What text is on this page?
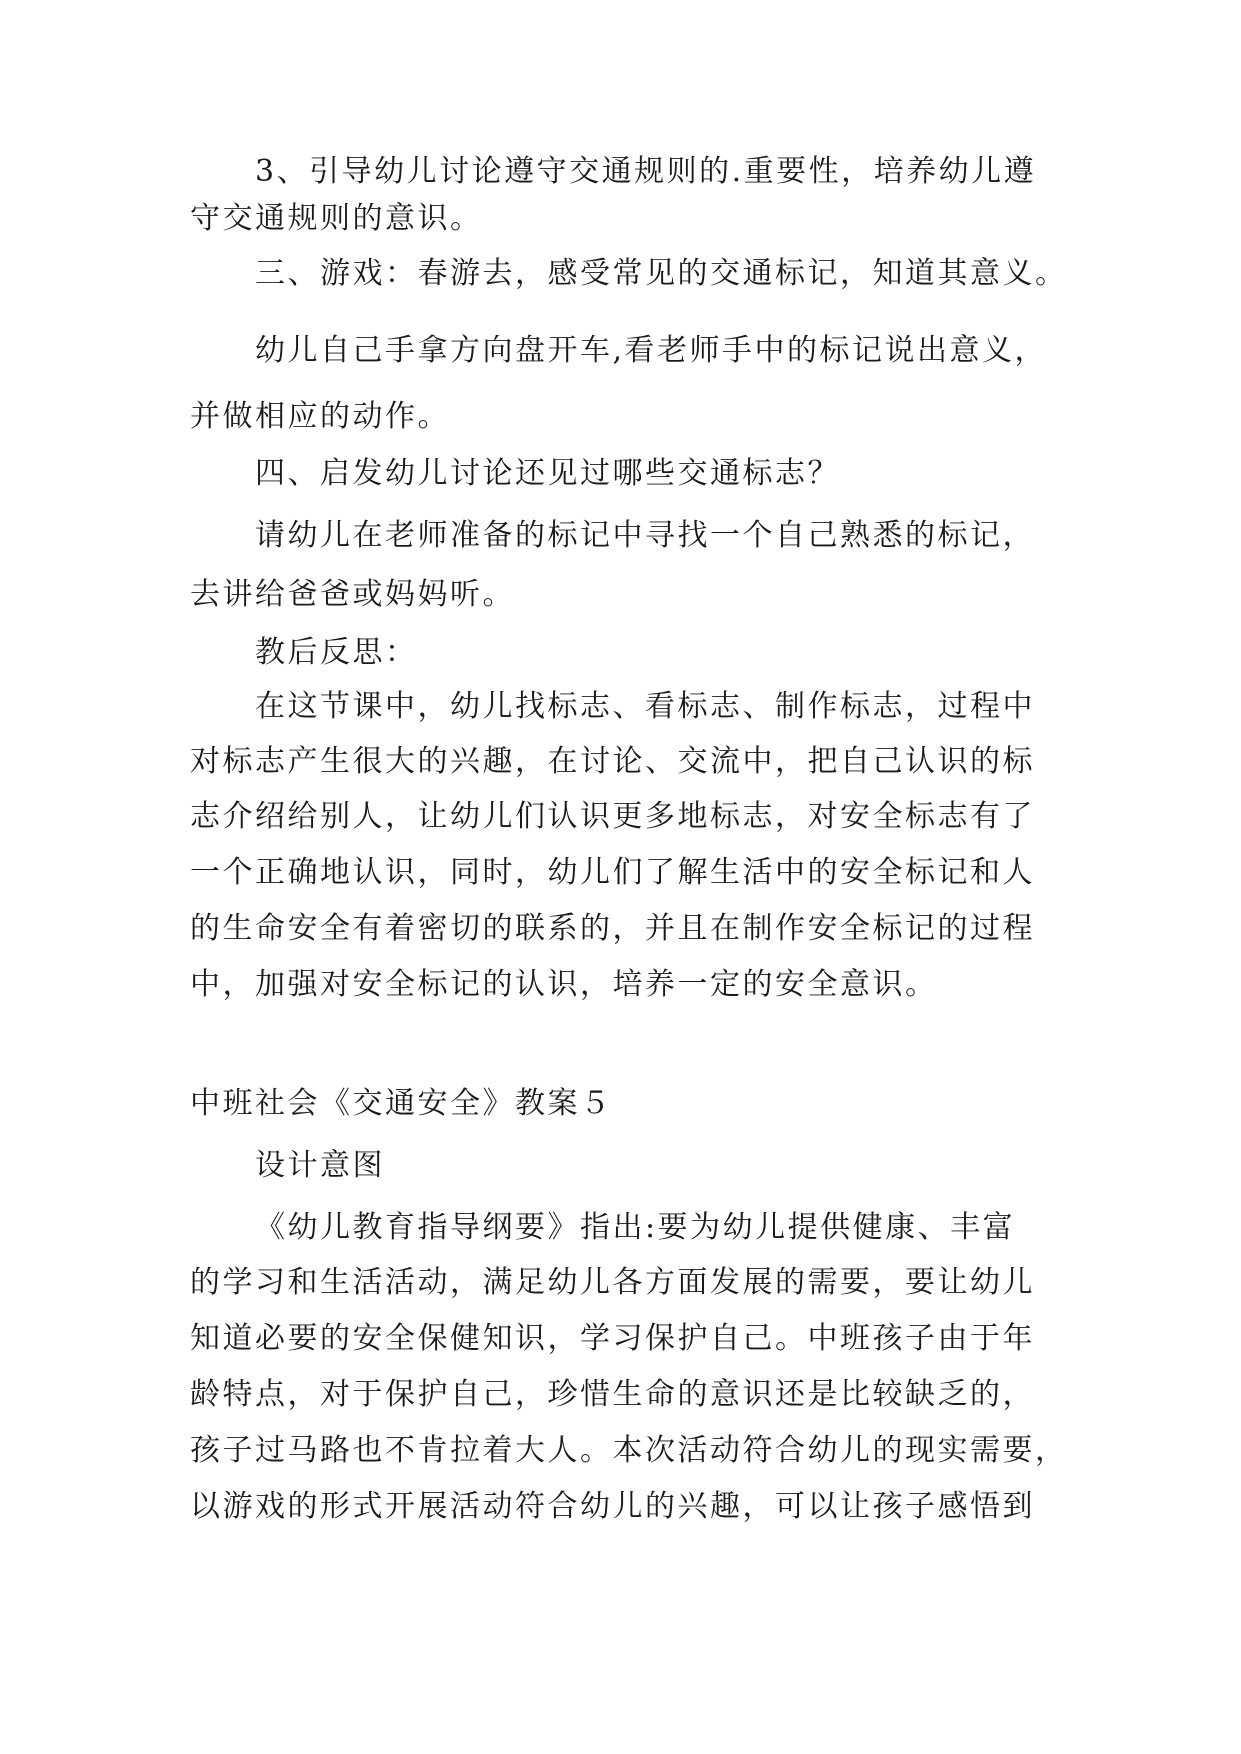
3、引导幼儿讨论遵守交通规则的.重要性，培养幼儿遵
守交通规则的意识。
三、游戏：春游去，感受常见的交通标记，知道其意义。
幼儿自己手拿方向盘开车,看老师手中的标记说出意义，
并做相应的动作。
四、启发幼儿讨论还见过哪些交通标志？
请幼儿在老师准备的标记中寻找一个自己熟悉的标记，
去讲给爸爸或妈妈听。
教后反思：
在这节课中，幼儿找标志、看标志、制作标志，过程中
对标志产生很大的兴趣，在讨论、交流中，把自己认识的标
志介绍给别人，让幼儿们认识更多地标志，对安全标志有了
一个正确地认识，同时，幼儿们了解生活中的安全标记和人
的生命安全有着密切的联系的，并且在制作安全标记的过程
中，加强对安全标记的认识，培养一定的安全意识。
中班社会《交通安全》教案５
设计意图
《幼儿教育指导纲要》指出:要为幼儿提供健康、丰富
的学习和生活活动，满足幼儿各方面发展的需要，要让幼儿
知道必要的安全保健知识，学习保护自己。中班孩子由于年
龄特点，对于保护自己，珍惜生命的意识还是比较缺乏的，
孩子过马路也不肯拉着大人。本次活动符合幼儿的现实需要，
以游戏的形式开展活动符合幼儿的兴趣，可以让孩子感悟到
